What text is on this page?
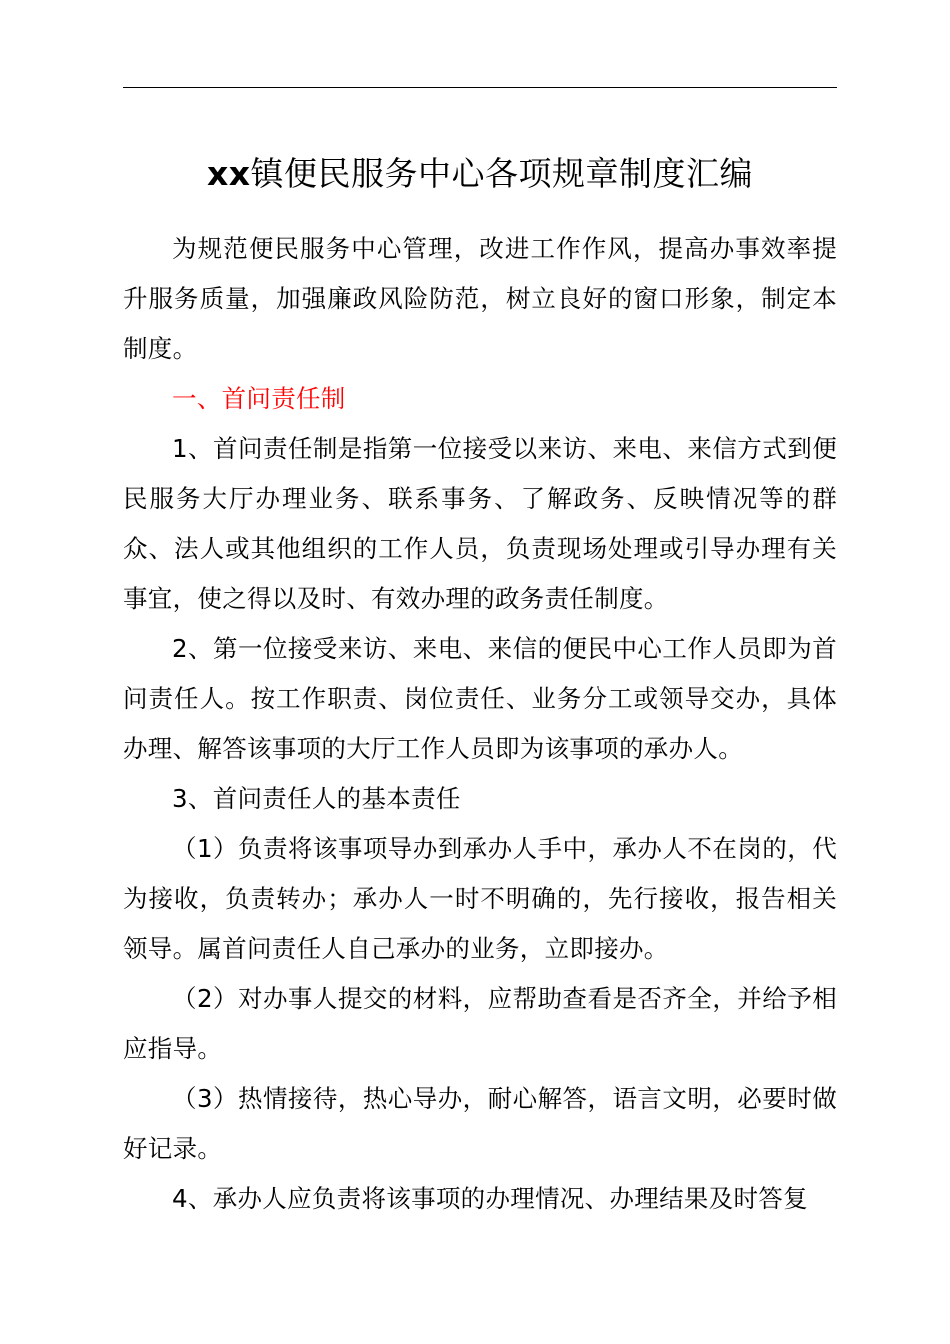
xx镇便民服务中心各项规章制度汇编

为规范便民服务中心管理，改进工作作风，提高办事效率提升服务质量，加强廉政风险防范，树立良好的窗口形象，制定本制度。

一、首问责任制

1、首问责任制是指第一位接受以来访、来电、来信方式到便民服务大厅办理业务、联系事务、了解政务、反映情况等的群众、法人或其他组织的工作人员，负责现场处理或引导办理有关事宜，使之得以及时、有效办理的政务责任制度。

2、第一位接受来访、来电、来信的便民中心工作人员即为首问责任人。按工作职责、岗位责任、业务分工或领导交办，具体办理、解答该事项的大厅工作人员即为该事项的承办人。

3、首问责任人的基本责任

（1）负责将该事项导办到承办人手中，承办人不在岗的，代为接收，负责转办；承办人一时不明确的，先行接收，报告相关领导。属首问责任人自己承办的业务，立即接办。

（2）对办事人提交的材料，应帮助查看是否齐全，并给予相应指导。

（3）热情接待，热心导办，耐心解答，语言文明，必要时做好记录。

4、承办人应负责将该事项的办理情况、办理结果及时答复
